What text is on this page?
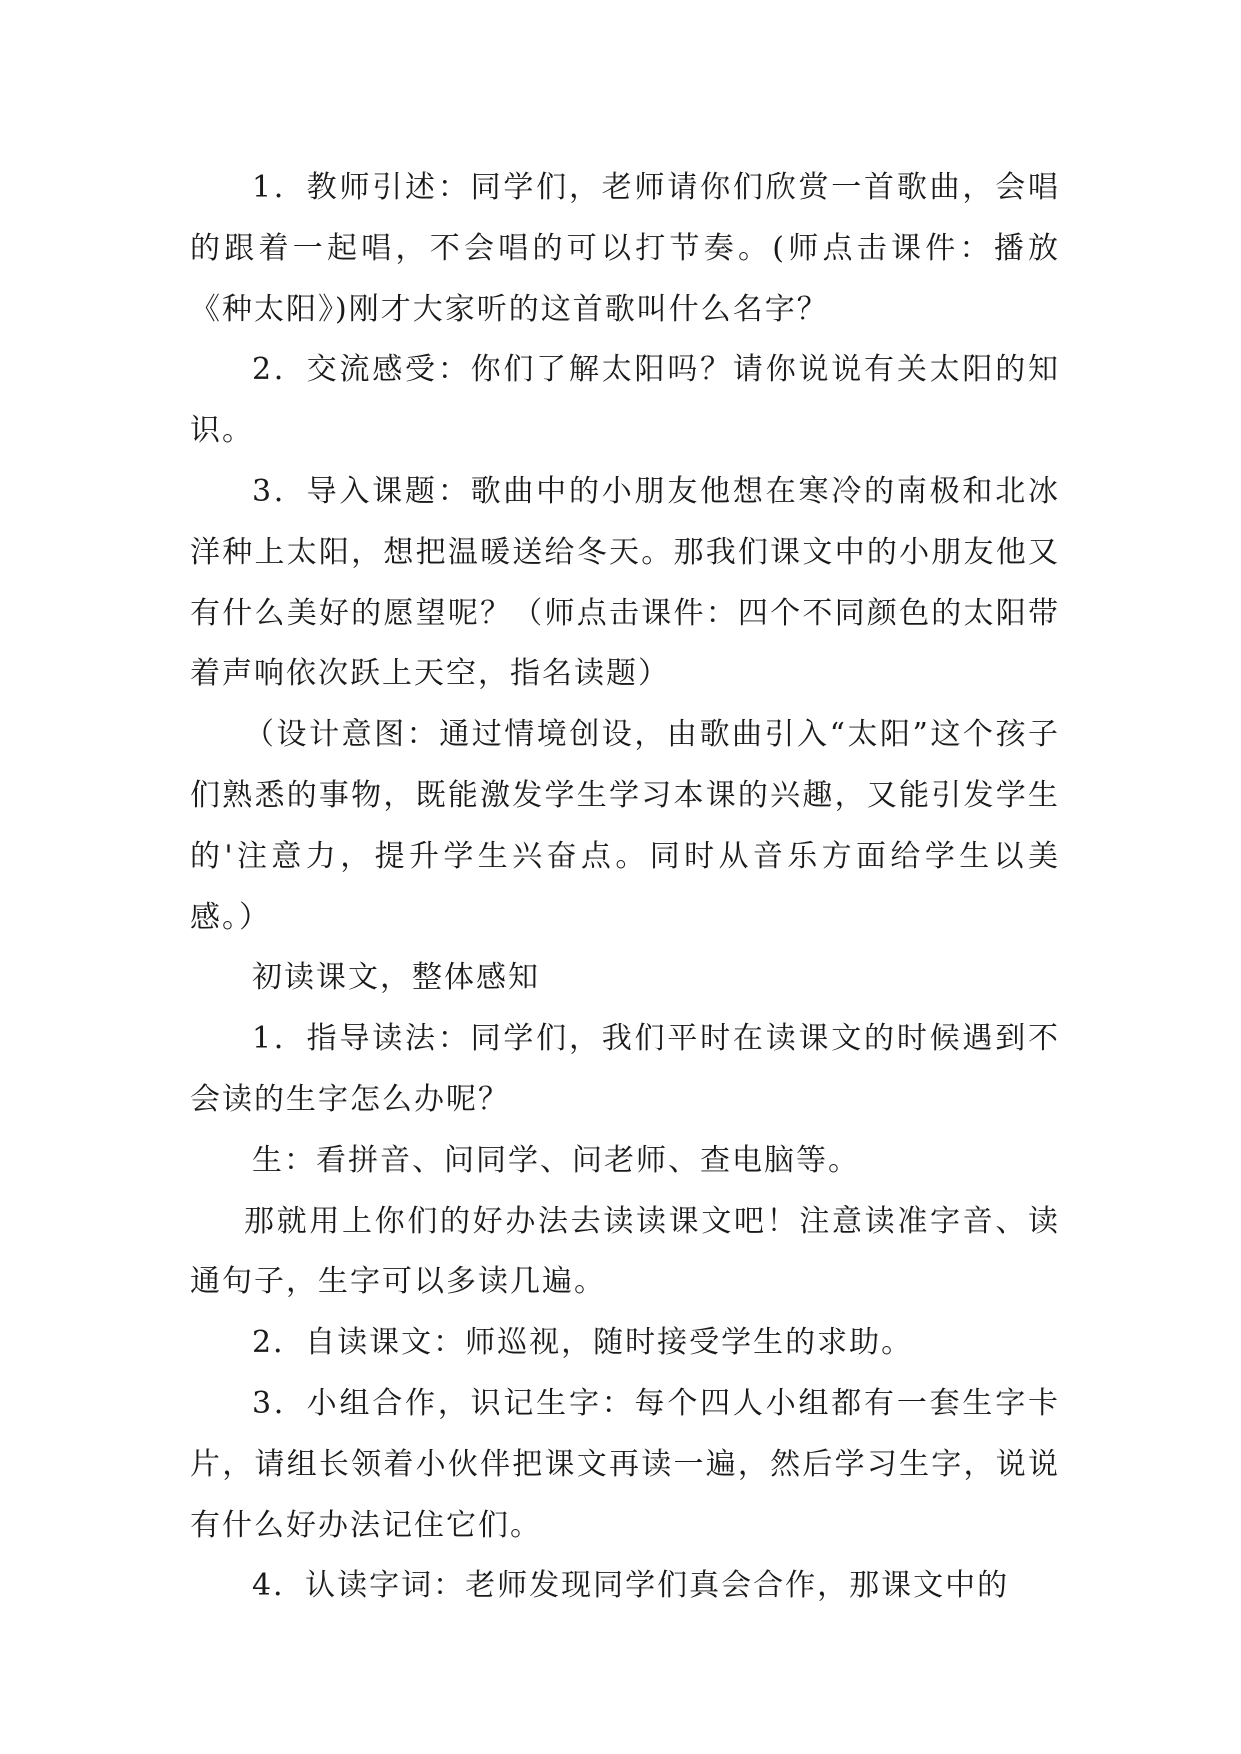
1．教师引述：同学们，老师请你们欣赏一首歌曲，会唱的跟着一起唱，不会唱的可以打节奏。(师点击课件：播放《种太阳》)刚才大家听的这首歌叫什么名字？

2．交流感受：你们了解太阳吗？请你说说有关太阳的知识。

3．导入课题：歌曲中的小朋友他想在寒冷的南极和北冰洋种上太阳，想把温暖送给冬天。那我们课文中的小朋友他又有什么美好的愿望呢？（师点击课件：四个不同颜色的太阳带着声响依次跃上天空，指名读题）

（设计意图：通过情境创设，由歌曲引入“太阳”这个孩子们熟悉的事物，既能激发学生学习本课的兴趣，又能引发学生的'注意力，提升学生兴奋点。同时从音乐方面给学生以美感。）

初读课文，整体感知

1．指导读法：同学们，我们平时在读课文的时候遇到不会读的生字怎么办呢？

生：看拼音、问同学、问老师、查电脑等。

那就用上你们的好办法去读读课文吧！注意读准字音、读通句子，生字可以多读几遍。

2．自读课文：师巡视，随时接受学生的求助。

3．小组合作，识记生字：每个四人小组都有一套生字卡片，请组长领着小伙伴把课文再读一遍，然后学习生字，说说有什么好办法记住它们。

4．认读字词：老师发现同学们真会合作，那课文中的
